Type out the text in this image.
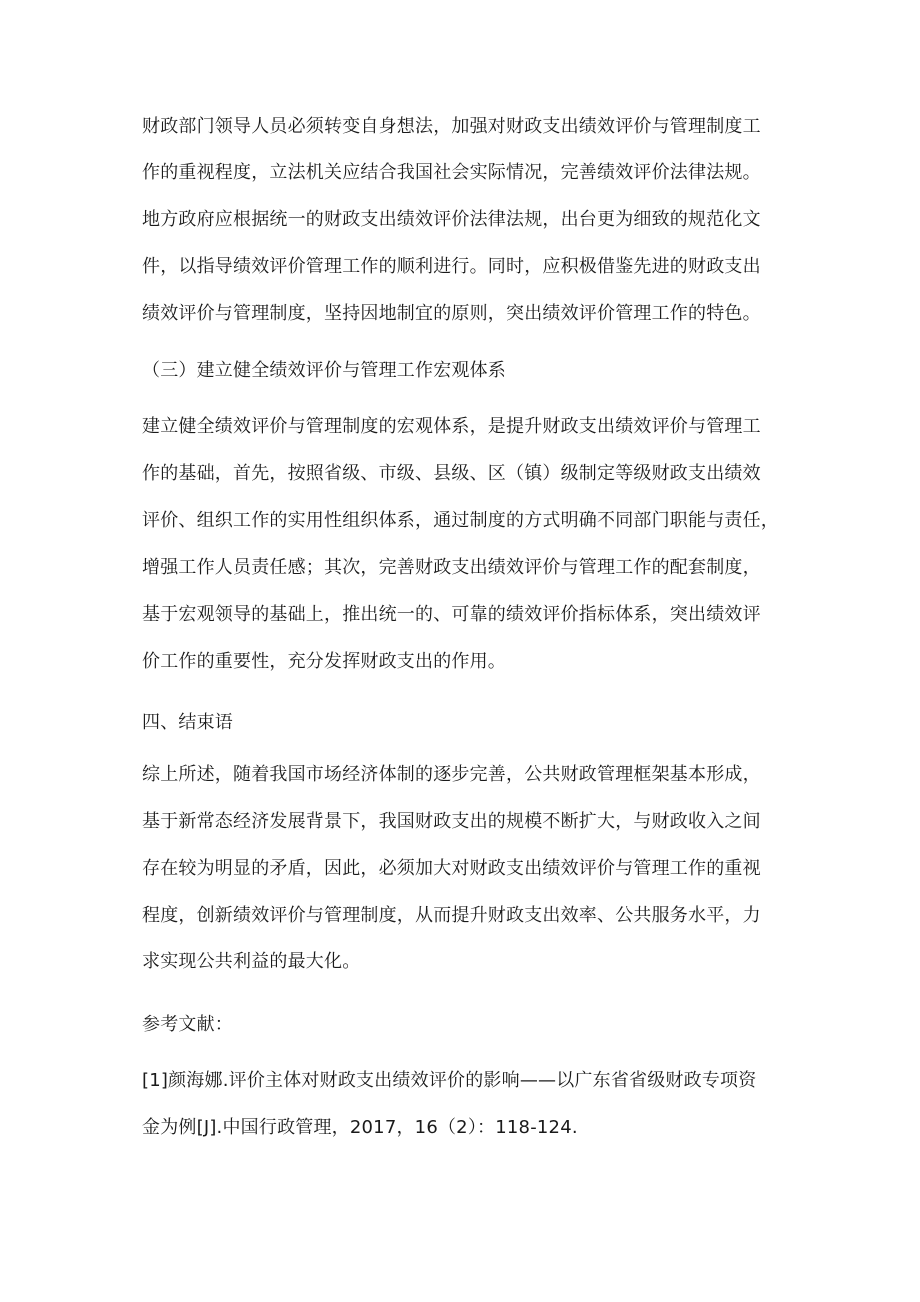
财政部门领导人员必须转变自身想法，加强对财政支出绩效评价与管理制度工
作的重视程度，立法机关应结合我国社会实际情况，完善绩效评价法律法规。
地方政府应根据统一的财政支出绩效评价法律法规，出台更为细致的规范化文
件，以指导绩效评价管理工作的顺利进行。同时，应积极借鉴先进的财政支出
绩效评价与管理制度，坚持因地制宜的原则，突出绩效评价管理工作的特色。
（三）建立健全绩效评价与管理工作宏观体系
建立健全绩效评价与管理制度的宏观体系，是提升财政支出绩效评价与管理工
作的基础，首先，按照省级、市级、县级、区（镇）级制定等级财政支出绩效
评价、组织工作的实用性组织体系，通过制度的方式明确不同部门职能与责任，
增强工作人员责任感；其次，完善财政支出绩效评价与管理工作的配套制度，
基于宏观领导的基础上，推出统一的、可靠的绩效评价指标体系，突出绩效评
价工作的重要性，充分发挥财政支出的作用。
四、结束语
综上所述，随着我国市场经济体制的逐步完善，公共财政管理框架基本形成，
基于新常态经济发展背景下，我国财政支出的规模不断扩大，与财政收入之间
存在较为明显的矛盾，因此，必须加大对财政支出绩效评价与管理工作的重视
程度，创新绩效评价与管理制度，从而提升财政支出效率、公共服务水平，力
求实现公共利益的最大化。
参考文献：
[1]颜海娜.评价主体对财政支出绩效评价的影响——以广东省省级财政专项资
金为例[J].中国行政管理，2017，16（2）：118-124.
